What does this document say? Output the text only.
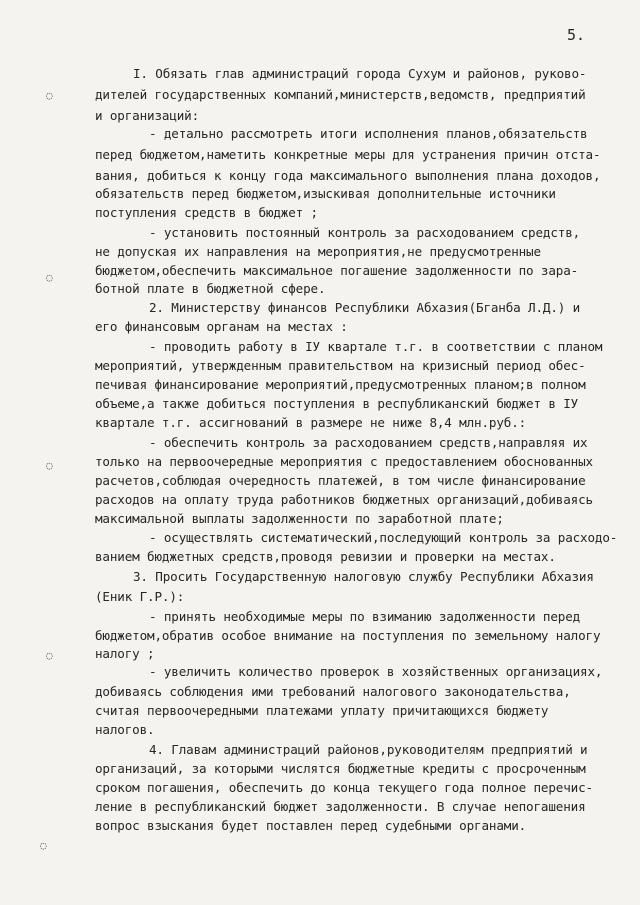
5.
I. Обязать глав администраций города Сухум и районов, руково-
дителей государственных компаний,министерств,ведомств, предприятий
и организаций:
- детально рассмотреть итоги исполнения планов,обязательств
перед бюджетом,наметить конкретные меры для устранения причин отста-
вания, добиться к концу года максимального выполнения плана доходов,
обязательств перед бюджетом,изыскивая дополнительные источники
поступления средств в бюджет ;
- установить постоянный контроль за расходованием средств,
не допуская их направления на мероприятия,не предусмотренные
бюджетом,обеспечить максимальное погашение задолженности по зара-
ботной плате в бюджетной сфере.
2. Министерству финансов Республики Абхазия(Бганба Л.Д.) и
его финансовым органам на местах :
- проводить работу в IУ квартале т.г. в соответствии с планом
мероприятий, утвержденным правительством на кризисный период обес-
печивая финансирование мероприятий,предусмотренных планом;в полном
объеме,а также добиться поступления в республиканский бюджет в IУ
квартале т.г. ассигнований в размере не ниже 8,4 млн.руб.:
- обеспечить контроль за расходованием средств,направляя их
только на первоочередные мероприятия с предоставлением обоснованных
расчетов,соблюдая очередность платежей, в том числе финансирование
расходов на оплату труда работников бюджетных организаций,добиваясь
максимальной выплаты задолженности по заработной плате;
- осуществлять систематический,последующий контроль за расходо-
ванием бюджетных средств,проводя ревизии и проверки на местах.
3. Просить Государственную налоговую службу Республики Абхазия
(Еник Г.Р.):
- принять необходимые меры по взиманию задолженности перед
бюджетом,обратив особое внимание на поступления по земельному налогу
налогу ;
- увеличить количество проверок в хозяйственных организациях,
добиваясь соблюдения ими требований налогового законодательства,
считая первоочередными платежами уплату причитающихся бюджету
налогов.
4. Главам администраций районов,руководителям предприятий и
организаций, за которыми числятся бюджетные кредиты с просроченным
сроком погашения, обеспечить до конца текущего года полное перечис-
ление в республиканский бюджет задолженности. В случае непогашения
вопрос взыскания будет поставлен перед судебными органами.
◌
◌
◌
◌
◌
